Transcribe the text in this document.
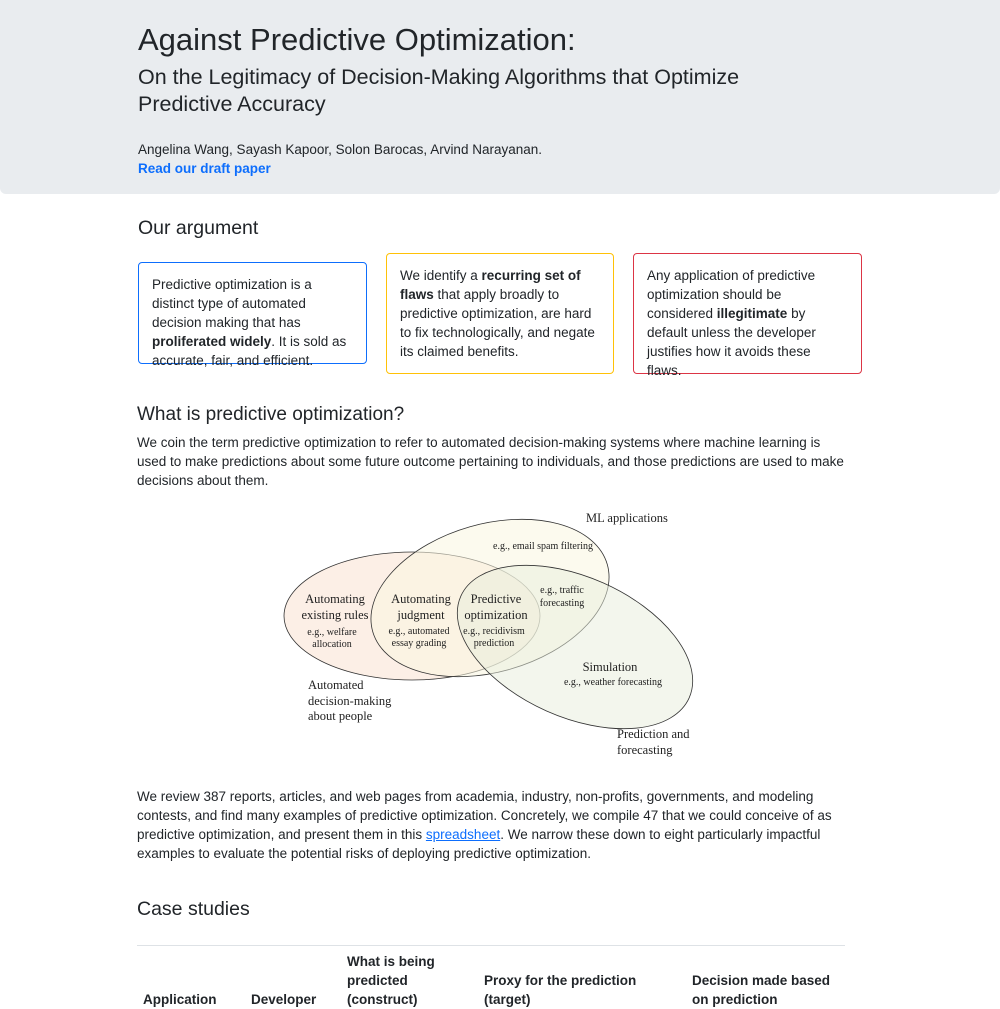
Against Predictive Optimization:
On the Legitimacy of Decision-Making Algorithms that Optimize Predictive Accuracy

Angelina Wang, Sayash Kapoor, Solon Barocas, Arvind Narayanan.

Read our draft paper
Our argument
Predictive optimization is a distinct type of automated decision making that has proliferated widely. It is sold as accurate, fair, and efficient.
We identify a recurring set of flaws that apply broadly to predictive optimization, are hard to fix technologically, and negate its claimed benefits.
Any application of predictive optimization should be considered illegitimate by default unless the developer justifies how it avoids these flaws.
What is predictive optimization?

We coin the term predictive optimization to refer to automated decision-making systems where machine learning is used to make predictions about some future outcome pertaining to individuals, and those predictions are used to make decisions about them.

ML applications
e.g., email spam filtering
e.g., traffic
forecasting
Automating
existing rules
e.g., welfare
allocation
Automating
judgment
e.g., automated
essay grading
Predictive
optimization
e.g., recidivism
prediction
Simulation
e.g., weather forecasting
Automated
decision-making
about people
Prediction and
forecasting

We review 387 reports, articles, and web pages from academia, industry, non-profits, governments, and modeling contests, and find many examples of predictive optimization. Concretely, we compile 47 that we could conceive of as predictive optimization, and present them in this spreadsheet. We narrow these down to eight particularly impactful examples to evaluate the potential risks of deploying predictive optimization.

Case studies
Application	Developer
What is being predicted (construct)
Proxy for the prediction (target)
Decision made based on prediction
